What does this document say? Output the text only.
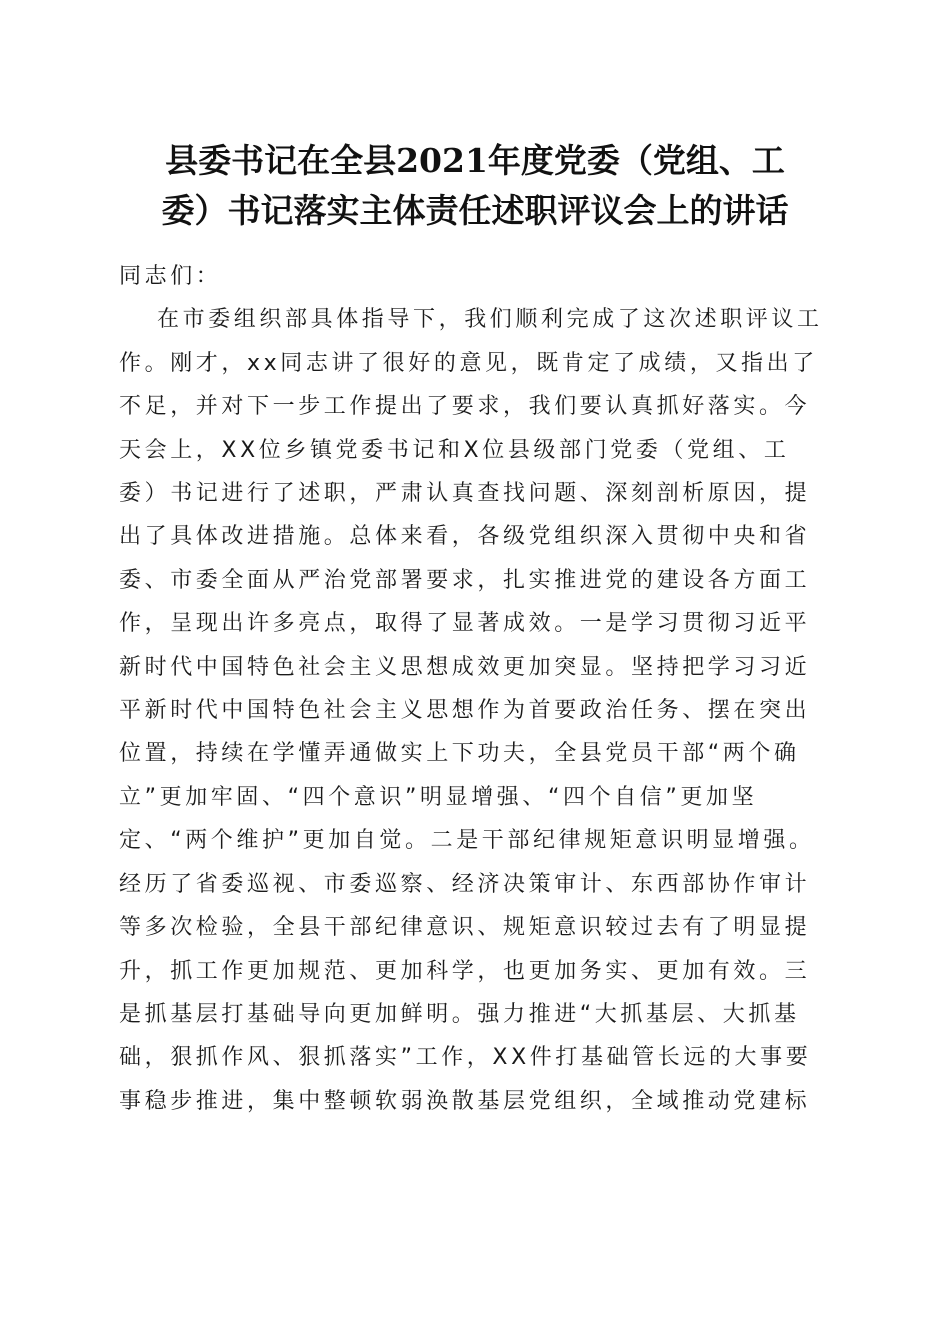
县委书记在全县2021年度党委（党组、工
委）书记落实主体责任述职评议会上的讲话
同志们：
在市委组织部具体指导下，我们顺利完成了这次述职评议工
作。刚才，xx同志讲了很好的意见，既肯定了成绩，又指出了
不足，并对下一步工作提出了要求，我们要认真抓好落实。今
天会上，XX位乡镇党委书记和X位县级部门党委（党组、工
委）书记进行了述职，严肃认真查找问题、深刻剖析原因，提
出了具体改进措施。总体来看，各级党组织深入贯彻中央和省
委、市委全面从严治党部署要求，扎实推进党的建设各方面工
作，呈现出许多亮点，取得了显著成效。一是学习贯彻习近平
新时代中国特色社会主义思想成效更加突显。坚持把学习习近
平新时代中国特色社会主义思想作为首要政治任务、摆在突出
位置，持续在学懂弄通做实上下功夫，全县党员干部“两个确
立”更加牢固、“四个意识”明显增强、“四个自信”更加坚
定、“两个维护”更加自觉。二是干部纪律规矩意识明显增强。
经历了省委巡视、市委巡察、经济决策审计、东西部协作审计
等多次检验，全县干部纪律意识、规矩意识较过去有了明显提
升，抓工作更加规范、更加科学，也更加务实、更加有效。三
是抓基层打基础导向更加鲜明。强力推进“大抓基层、大抓基
础，狠抓作风、狠抓落实”工作，XX件打基础管长远的大事要
事稳步推进，集中整顿软弱涣散基层党组织，全域推动党建标
